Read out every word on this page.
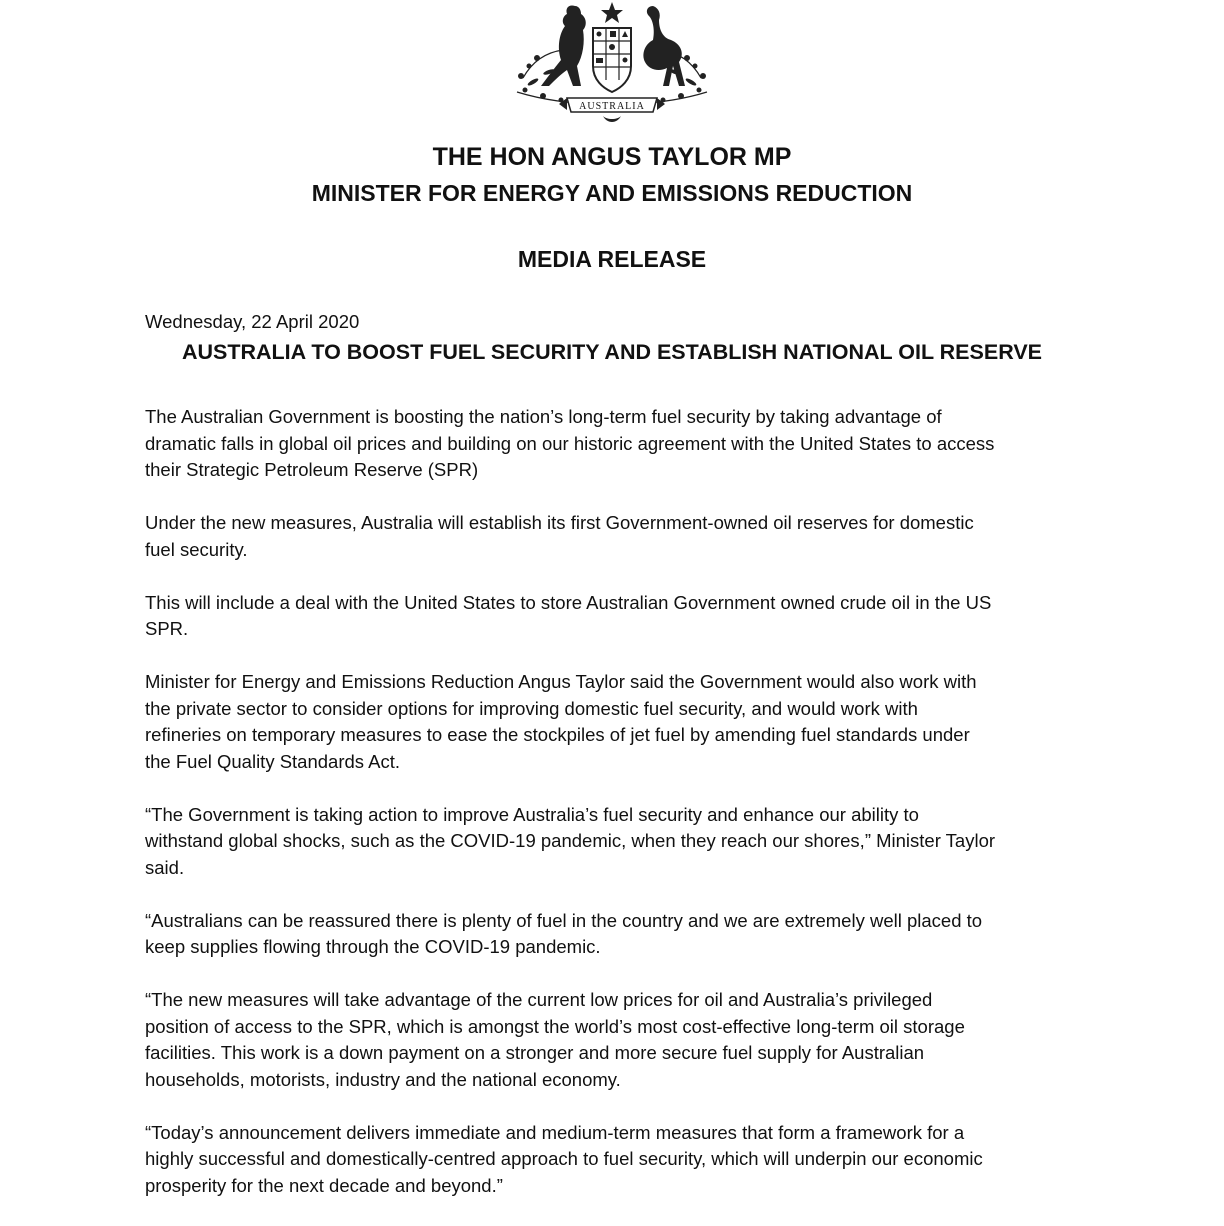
AUSTRALIA
THE HON ANGUS TAYLOR MP
MINISTER FOR ENERGY AND EMISSIONS REDUCTION
MEDIA RELEASE
Wednesday, 22 April 2020
AUSTRALIA TO BOOST FUEL SECURITY AND ESTABLISH NATIONAL OIL RESERVE

The Australian Government is boosting the nation’s long-term fuel security by taking advantage of
dramatic falls in global oil prices and building on our historic agreement with the United States to access
their Strategic Petroleum Reserve (SPR)

Under the new measures, Australia will establish its first Government-owned oil reserves for domestic
fuel security.

This will include a deal with the United States to store Australian Government owned crude oil in the US
SPR.

Minister for Energy and Emissions Reduction Angus Taylor said the Government would also work with
the private sector to consider options for improving domestic fuel security, and would work with
refineries on temporary measures to ease the stockpiles of jet fuel by amending fuel standards under
the Fuel Quality Standards Act.

“The Government is taking action to improve Australia’s fuel security and enhance our ability to
withstand global shocks, such as the COVID-19 pandemic, when they reach our shores,” Minister Taylor
said.

“Australians can be reassured there is plenty of fuel in the country and we are extremely well placed to
keep supplies flowing through the COVID-19 pandemic.

“The new measures will take advantage of the current low prices for oil and Australia’s privileged
position of access to the SPR, which is amongst the world’s most cost-effective long-term oil storage
facilities. This work is a down payment on a stronger and more secure fuel supply for Australian
households, motorists, industry and the national economy.

“Today’s announcement delivers immediate and medium-term measures that form a framework for a
highly successful and domestically-centred approach to fuel security, which will underpin our economic
prosperity for the next decade and beyond.”
